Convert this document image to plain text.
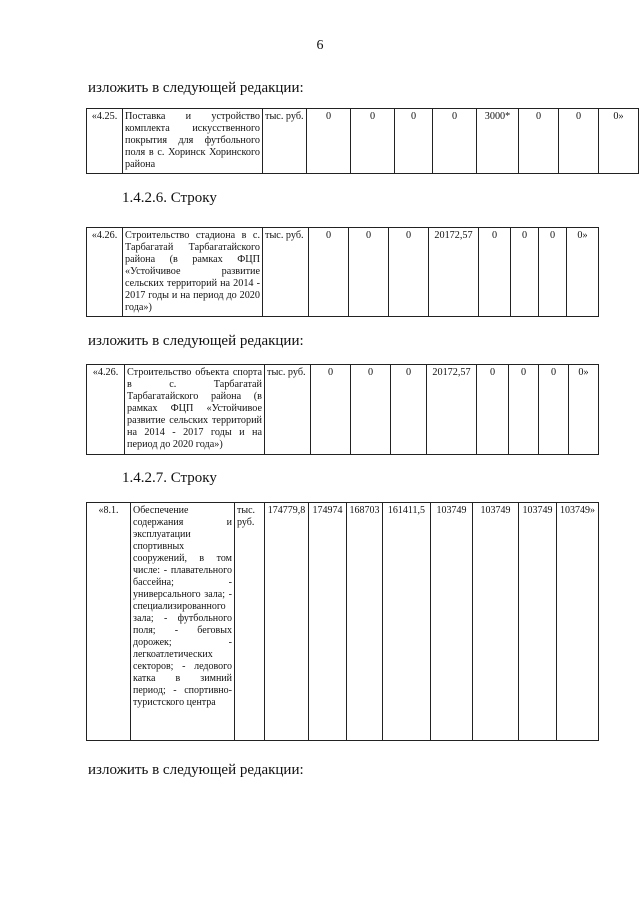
6
изложить в следующей редакции:
«4.25.	Поставка и устройство комплекта искусственного покрытия для футбольного поля в с. Хоринск Хоринского района	тыс. руб.	0	0	0	0	3000*	0	0	0»
1.4.2.6. Строку
«4.26.	Строительство стадиона в с. Тарбагатай Тарбагатайского района (в рамках ФЦП «Устойчивое развитие сельских территорий на 2014 - 2017 годы и на период до 2020 года»)	тыс. руб.	0	0	0	20172,57	0	0	0	0»
изложить в следующей редакции:
«4.26.	Строительство объекта спорта в с. Тарбагатай Тарбагатайского района (в рамках ФЦП «Устойчивое развитие сельских территорий на 2014 - 2017 годы и на период до 2020 года»)	тыс. руб.	0	0	0	20172,57	0	0	0	0»
1.4.2.7. Строку
«8.1.	Обеспечение содержания и эксплуатации спортивных сооружений, в том числе: - плавательного бассейна; - универсального зала; - специализированного зала; - футбольного поля; - беговых дорожек; - легкоатлетических секторов; - ледового катка в зимний период; - спортивно-туристского центра	тыс. руб.	174779,8	174974	168703	161411,5	103749	103749	103749	103749»
изложить в следующей редакции:
